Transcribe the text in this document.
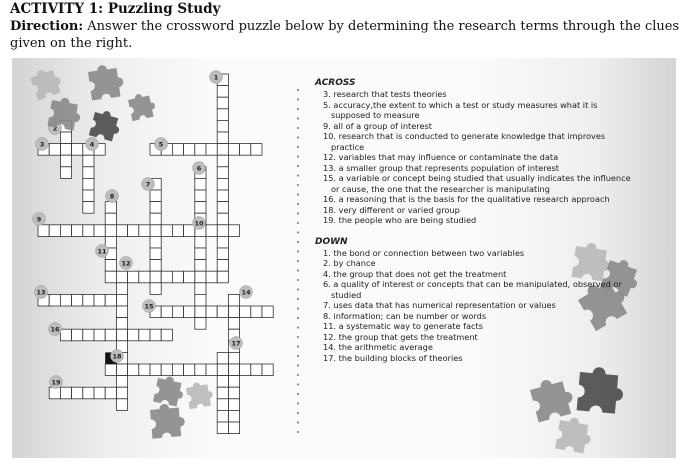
ACTIVITY 1: Puzzling Study
Direction: Answer the crossword puzzle below by determining the research terms through the clues given on the right.
1
2
3	4	5
6
7
8
9	10
11
12
13	14
15
16
17
18
19
ACROSS
3. research that tests theories
5. accuracy,the extent to which a test or study measures what it is supposed to measure
9. all of a group of interest
10. research that is conducted to generate knowledge that improves practice
12. variables that may influence or contaminate the data
13. a smaller group that represents population of interest
15. a variable or concept being studied that usually indicates the influence or cause, the one that the researcher is manipulating
16. a reasoning that is the basis for the qualitative research approach
18. very different or varied group
19. the people who are being studied
DOWN
1. the bond or connection between two variables
2. by chance
4. the group that does not get the treatment
6. a quality of interest or concepts that can be manipulated, observed or studied
7. uses data that has numerical representation or values
8. information; can be number or words
11. a systematic way to generate facts
12. the group that gets the treatment
14. the arithmetic average
17. the building blocks of theories
